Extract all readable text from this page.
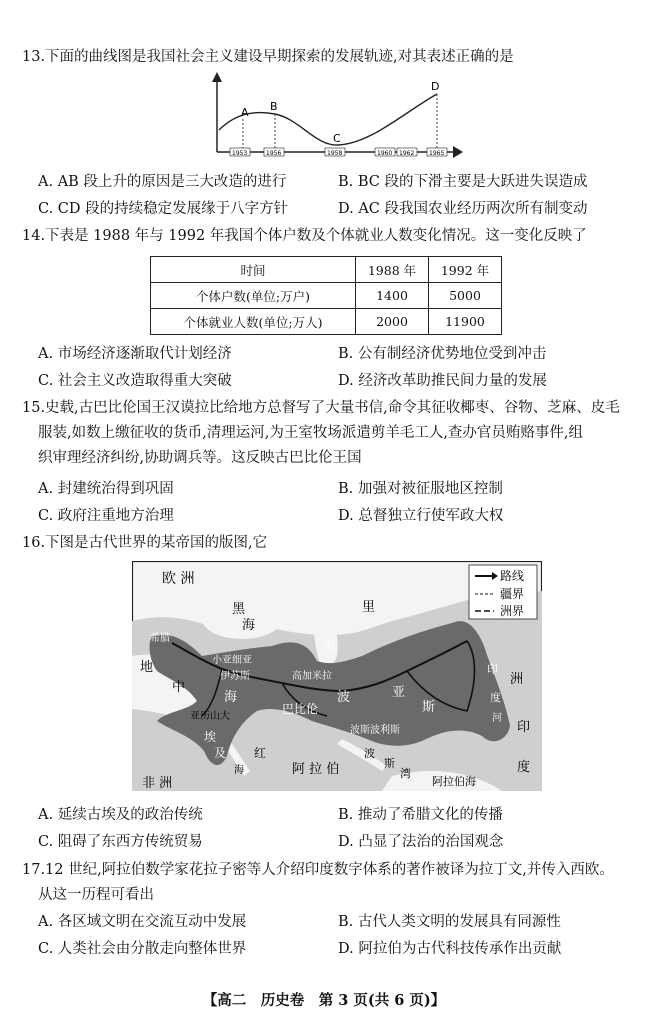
13.下面的曲线图是我国社会主义建设早期探索的发展轨迹,对其表述正确的是
A B
C
D
1953	1956	1958	1960 1962 1965
A. AB 段上升的原因是三大改造的进行	B. BC 段的下滑主要是大跃进失误造成
C. CD 段的持续稳定发展缘于八字方针	D. AC 段我国农业经历两次所有制变动
14.下表是 1988 年与 1992 年我国个体户数及个体就业人数变化情况。这一变化反映了
时间	1988 年	1992 年
个体户数(单位;万户)	1400	5000
个体就业人数(单位;万人)	2000	11900
A. 市场经济逐渐取代计划经济	B. 公有制经济优势地位受到冲击
C. 社会主义改造取得重大突破	D. 经济改革助推民间力量的发展
15.史载,古巴比伦国王汉谟拉比给地方总督写了大量书信,命令其征收椰枣、谷物、芝麻、皮毛
服装,如数上缴征收的货币,清理运河,为王室牧场派遣剪羊毛工人,查办官员贿赂事件,组
织审理经济纠纷,协助调兵等。这反映古巴比伦王国
A. 封建统治得到巩固	B. 加强对被征服地区控制
C. 政府注重地方治理	D. 总督独立行使军政大权
16.下图是古代世界的某帝国的版图,它
路线
疆界
洲界
欧 洲
黑
海
里
海
希腊
小亚细亚
伊苏斯	高加米拉
地
中
海
亚历山大
巴比伦
波	亚
斯
波斯波利斯
埃
及 红
海
非 洲
阿 拉 伯
波
斯
湾
阿拉伯海
印
度
洲
印
度
河
A. 延续古埃及的政治传统	B. 推动了希腊文化的传播
C. 阻碍了东西方传统贸易	D. 凸显了法治的治国观念
17.12 世纪,阿拉伯数学家花拉子密等人介绍印度数字体系的著作被译为拉丁文,并传入西欧。
从这一历程可看出
A. 各区域文明在交流互动中发展	B. 古代人类文明的发展具有同源性
C. 人类社会由分散走向整体世界	D. 阿拉伯为古代科技传承作出贡献
【高二　历史卷　第 3 页(共 6 页)】
